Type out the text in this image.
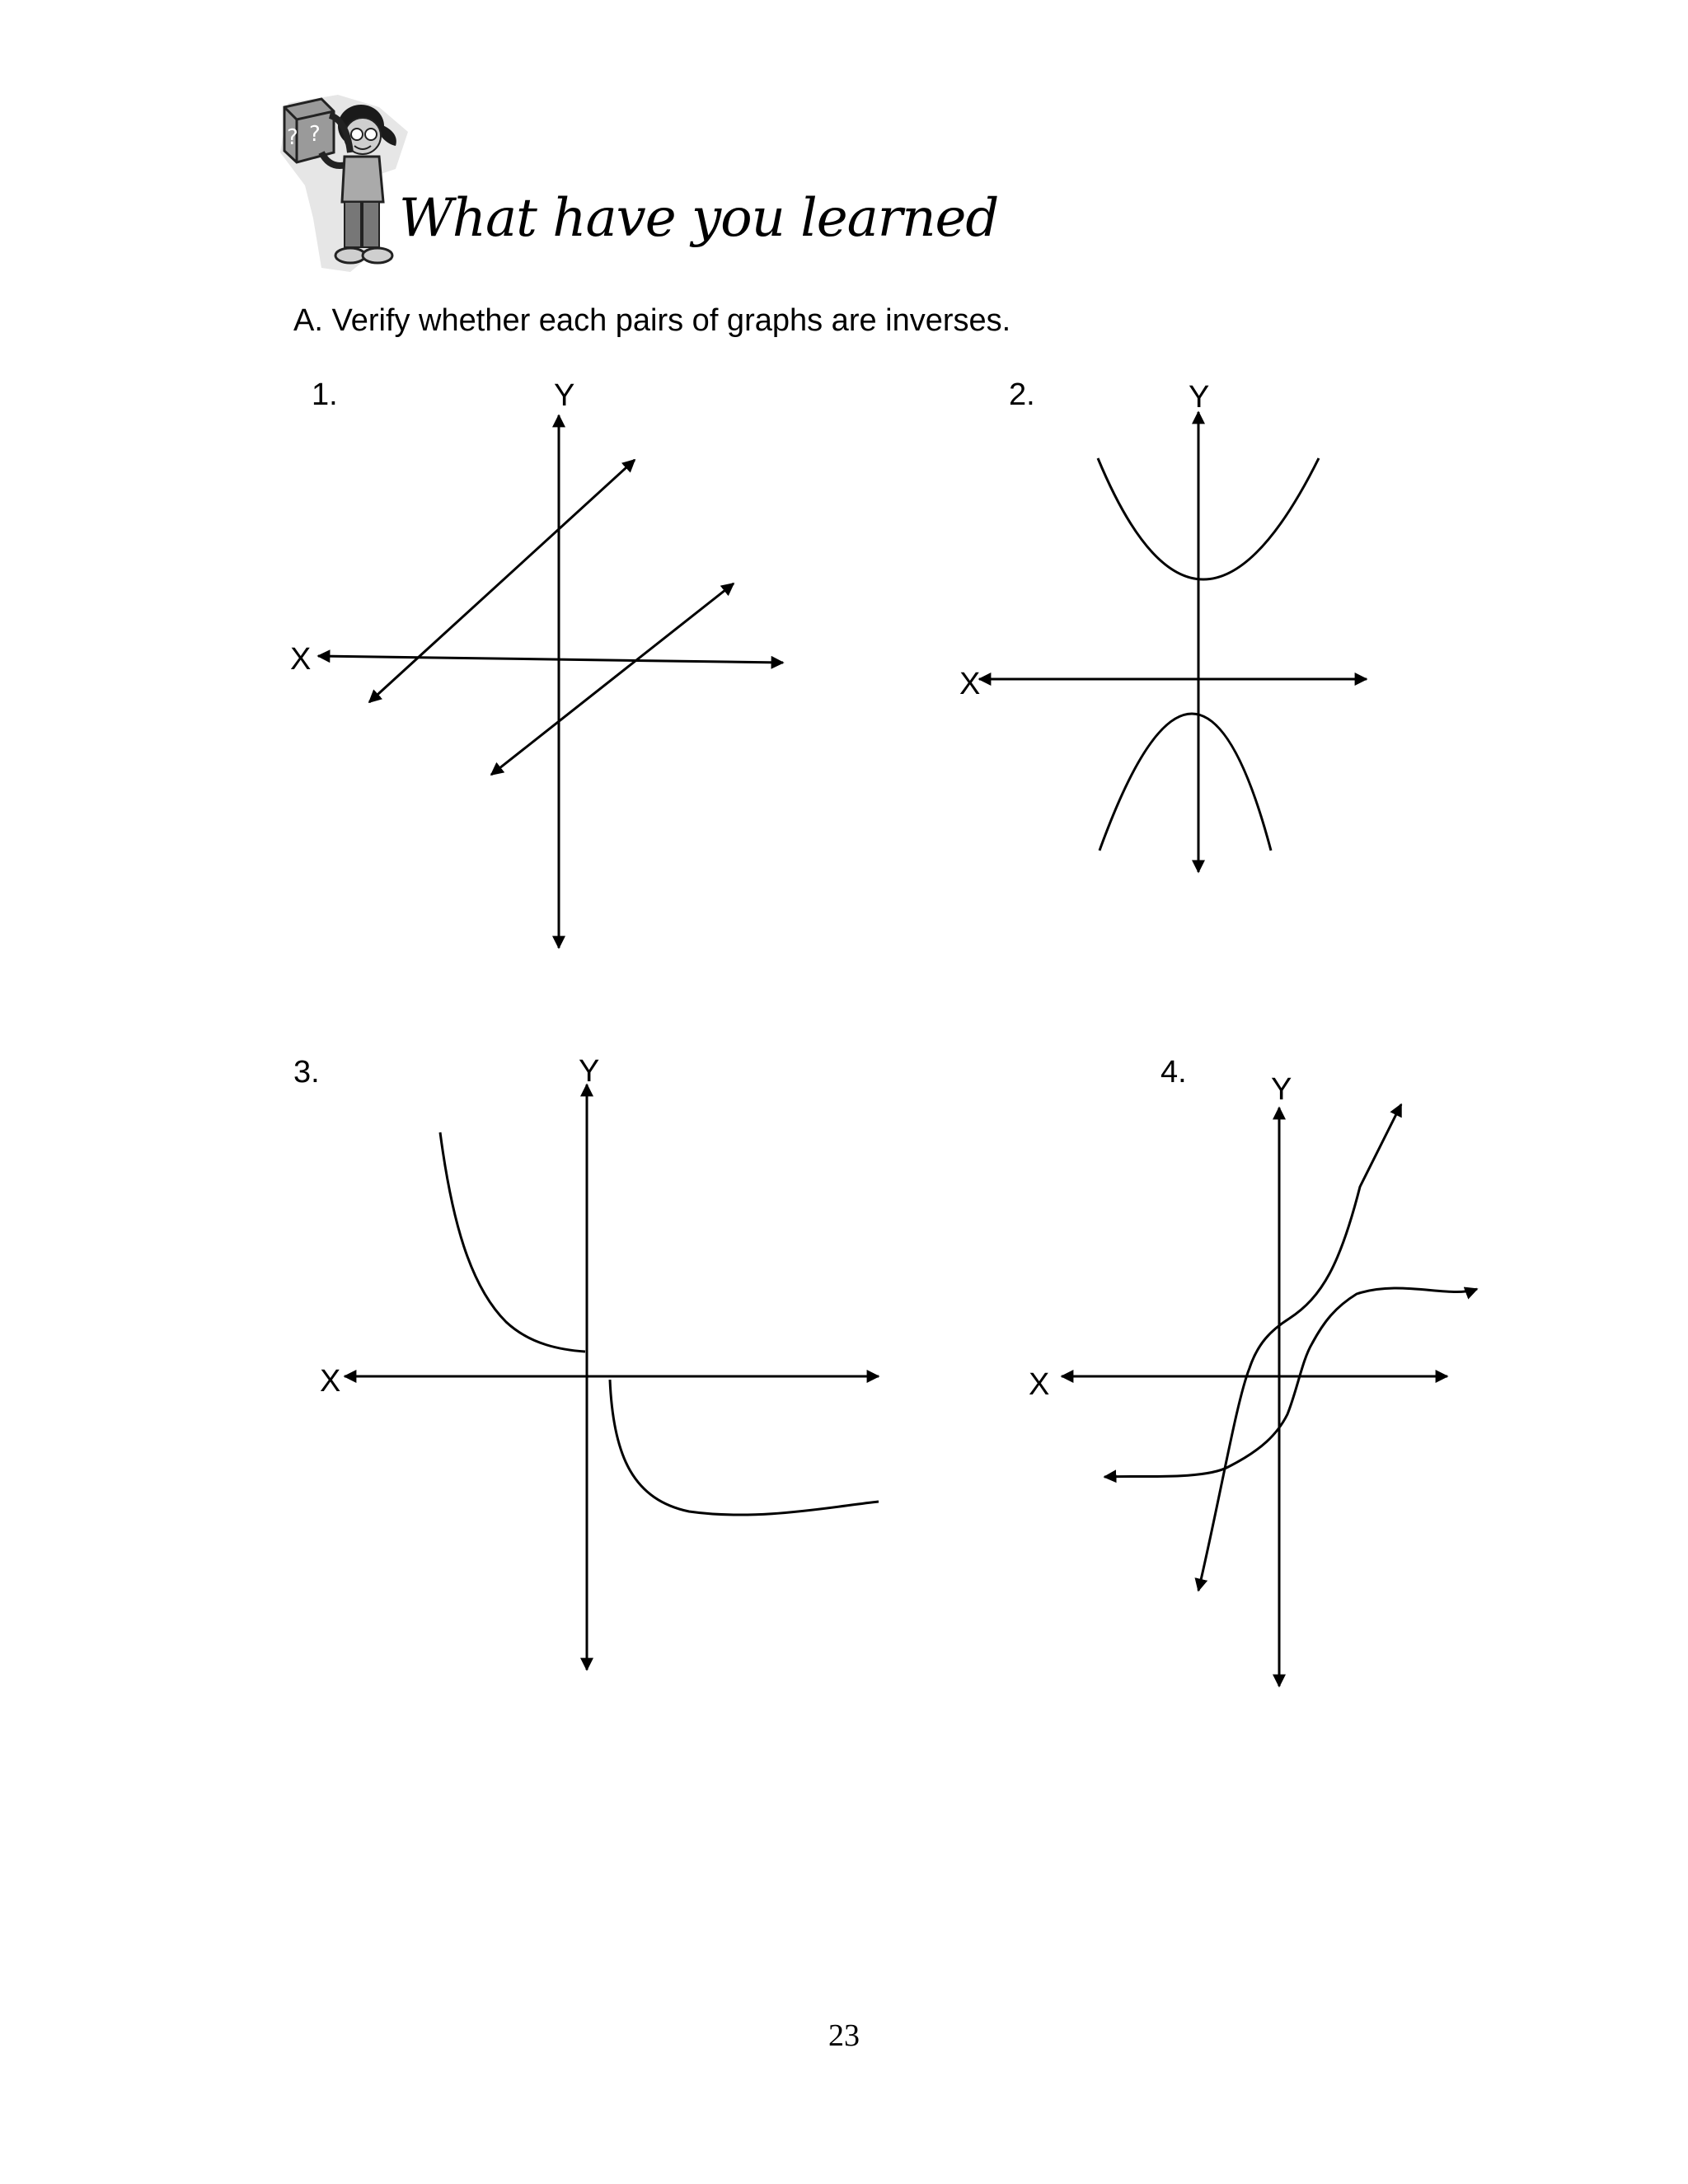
? ?
What have you learned
A. Verify whether each pairs of graphs are inverses.
1.	2.
3.	4.
X
Y
X
Y
X
Y
X
Y
23
